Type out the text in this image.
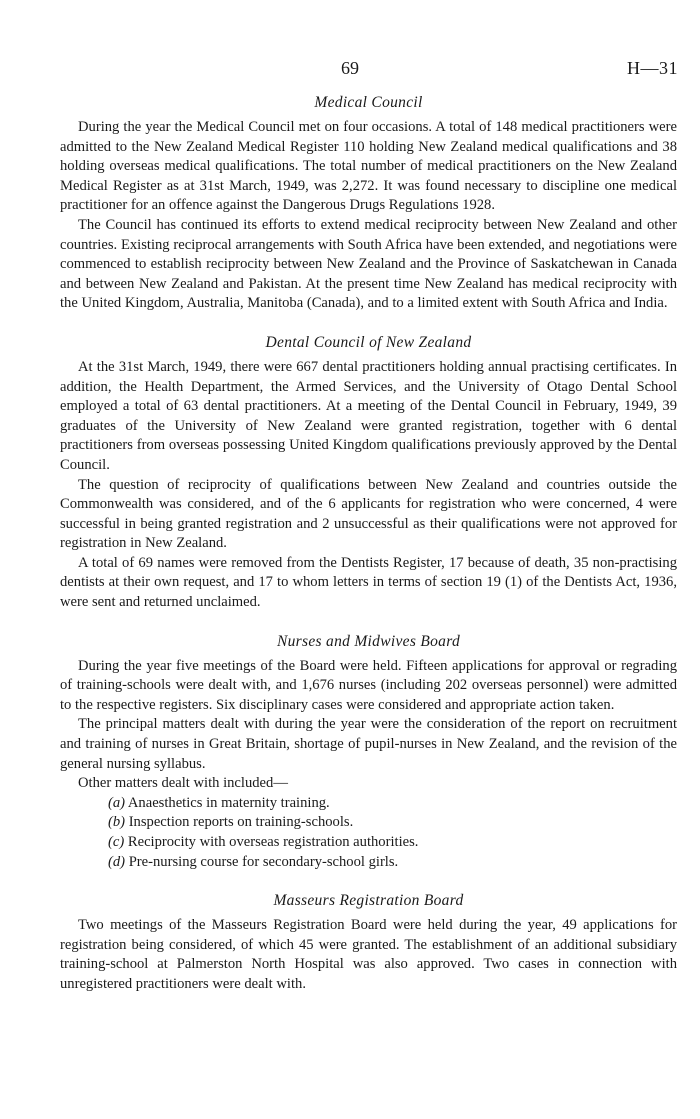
69	H—31
Medical Council

During the year the Medical Council met on four occasions. A total of 148 medical practitioners were admitted to the New Zealand Medical Register 110 holding New Zealand medical qualifications and 38 holding overseas medical qualifications. The total number of medical practitioners on the New Zealand Medical Register as at 31st March, 1949, was 2,272. It was found necessary to discipline one medical practitioner for an offence against the Dangerous Drugs Regulations 1928.

The Council has continued its efforts to extend medical reciprocity between New Zealand and other countries. Existing reciprocal arrangements with South Africa have been extended, and negotiations were commenced to establish reciprocity between New Zealand and the Province of Saskatchewan in Canada and between New Zealand and Pakistan. At the present time New Zealand has medical reciprocity with the United Kingdom, Australia, Manitoba (Canada), and to a limited extent with South Africa and India.

Dental Council of New Zealand

At the 31st March, 1949, there were 667 dental practitioners holding annual practising certificates. In addition, the Health Department, the Armed Services, and the University of Otago Dental School employed a total of 63 dental practitioners. At a meeting of the Dental Council in February, 1949, 39 graduates of the University of New Zealand were granted registration, together with 6 dental practitioners from overseas possessing United Kingdom qualifications previously approved by the Dental Council.

The question of reciprocity of qualifications between New Zealand and countries outside the Commonwealth was considered, and of the 6 applicants for registration who were concerned, 4 were successful in being granted registration and 2 unsuccessful as their qualifications were not approved for registration in New Zealand.

A total of 69 names were removed from the Dentists Register, 17 because of death, 35 non-practising dentists at their own request, and 17 to whom letters in terms of section 19 (1) of the Dentists Act, 1936, were sent and returned unclaimed.

Nurses and Midwives Board

During the year five meetings of the Board were held. Fifteen applications for approval or regrading of training-schools were dealt with, and 1,676 nurses (including 202 overseas personnel) were admitted to the respective registers. Six disciplinary cases were considered and appropriate action taken.

The principal matters dealt with during the year were the consideration of the report on recruitment and training of nurses in Great Britain, shortage of pupil-nurses in New Zealand, and the revision of the general nursing syllabus.

Other matters dealt with included—

(a) Anaesthetics in maternity training.
(b) Inspection reports on training-schools.
(c) Reciprocity with overseas registration authorities.
(d) Pre-nursing course for secondary-school girls.
Masseurs Registration Board

Two meetings of the Masseurs Registration Board were held during the year, 49 applications for registration being considered, of which 45 were granted. The establishment of an additional subsidiary training-school at Palmerston North Hospital was also approved. Two cases in connection with unregistered practitioners were dealt with.
